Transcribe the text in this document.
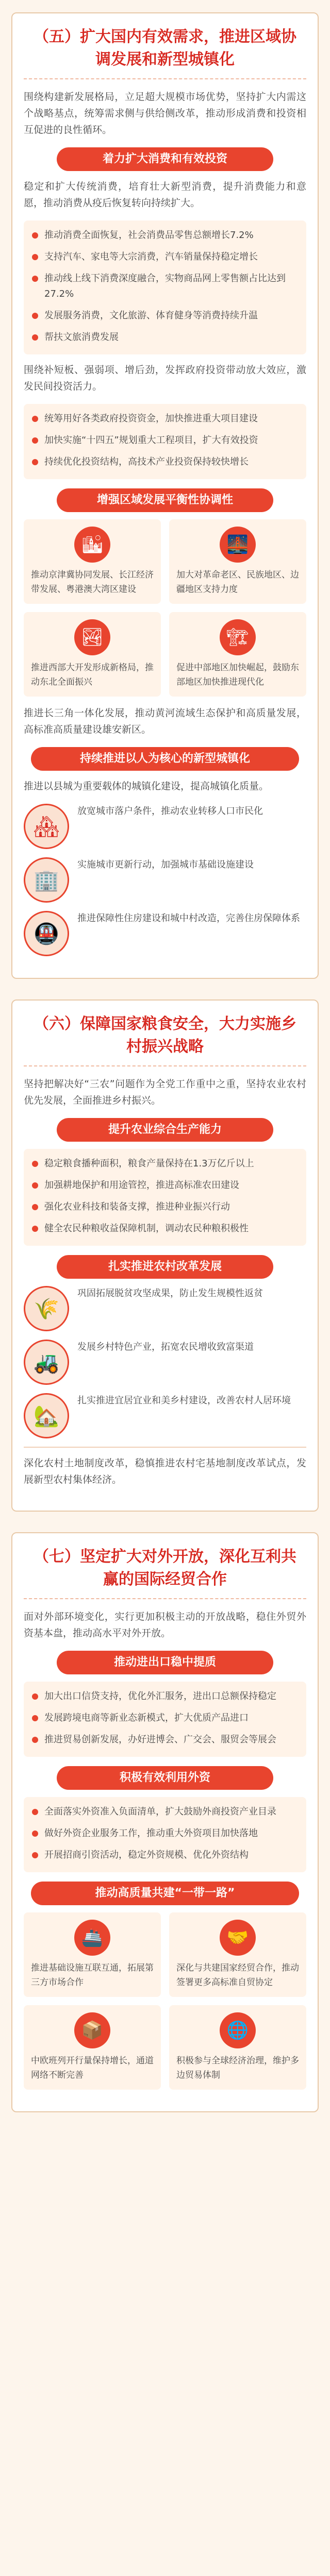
（五）扩大国内有效需求，推进区域协调发展和新型城镇化

围绕构建新发展格局，立足超大规模市场优势，坚持扩大内需这个战略基点，统筹需求侧与供给侧改革，推动形成消费和投资相互促进的良性循环。

着力扩大消费和有效投资

稳定和扩大传统消费，培育壮大新型消费，提升消费能力和意愿，推动消费从疫后恢复转向持续扩大。

推动消费全面恢复，社会消费品零售总额增长7.2%
支持汽车、家电等大宗消费，汽车销量保持稳定增长
推动线上线下消费深度融合，实物商品网上零售额占比达到27.2%
发展服务消费，文化旅游、体育健身等消费持续升温
帮扶文旅消费发展

围绕补短板、强弱项、增后劲，发挥政府投资带动放大效应，激发民间投资活力。

统筹用好各类政府投资资金，加快推进重大项目建设
加快实施“十四五”规划重大工程项目，扩大有效投资
持续优化投资结构，高技术产业投资保持较快增长
增强区域发展平衡性协调性
🏙
推动京津冀协同发展、长江经济带发展、粤港澳大湾区建设
🌉
加大对革命老区、民族地区、边疆地区支持力度
🏞
推进西部大开发形成新格局，推动东北全面振兴
🏗
促进中部地区加快崛起，鼓励东部地区加快推进现代化

推进长三角一体化发展，推动黄河流域生态保护和高质量发展，高标准高质量建设雄安新区。

持续推进以人为核心的新型城镇化

推进以县城为重要载体的城镇化建设，提高城镇化质量。

🏘
放宽城市落户条件，推动农业转移人口市民化
🏢
实施城市更新行动，加强城市基础设施建设
🚇
推进保障性住房建设和城中村改造，完善住房保障体系
（六）保障国家粮食安全，大力实施乡村振兴战略

坚持把解决好“三农”问题作为全党工作重中之重，坚持农业农村优先发展，全面推进乡村振兴。

提升农业综合生产能力
稳定粮食播种面积，粮食产量保持在1.3万亿斤以上
加强耕地保护和用途管控，推进高标准农田建设
强化农业科技和装备支撑，推进种业振兴行动
健全农民种粮收益保障机制，调动农民种粮积极性
扎实推进农村改革发展
🌾
巩固拓展脱贫攻坚成果，防止发生规模性返贫
🚜
发展乡村特色产业，拓宽农民增收致富渠道
🏡
扎实推进宜居宜业和美乡村建设，改善农村人居环境

深化农村土地制度改革，稳慎推进农村宅基地制度改革试点，发展新型农村集体经济。

（七）坚定扩大对外开放，深化互利共赢的国际经贸合作

面对外部环境变化，实行更加积极主动的开放战略，稳住外贸外资基本盘，推动高水平对外开放。

推动进出口稳中提质
加大出口信贷支持，优化外汇服务，进出口总额保持稳定
发展跨境电商等新业态新模式，扩大优质产品进口
推进贸易创新发展，办好进博会、广交会、服贸会等展会
积极有效利用外资
全面落实外资准入负面清单，扩大鼓励外商投资产业目录
做好外资企业服务工作，推动重大外资项目加快落地
开展招商引资活动，稳定外资规模、优化外资结构
推动高质量共建“一带一路”
🚢
推进基础设施互联互通，拓展第三方市场合作
🤝
深化与共建国家经贸合作，推动签署更多高标准自贸协定
📦
中欧班列开行量保持增长，通道网络不断完善
🌐
积极参与全球经济治理，维护多边贸易体制
